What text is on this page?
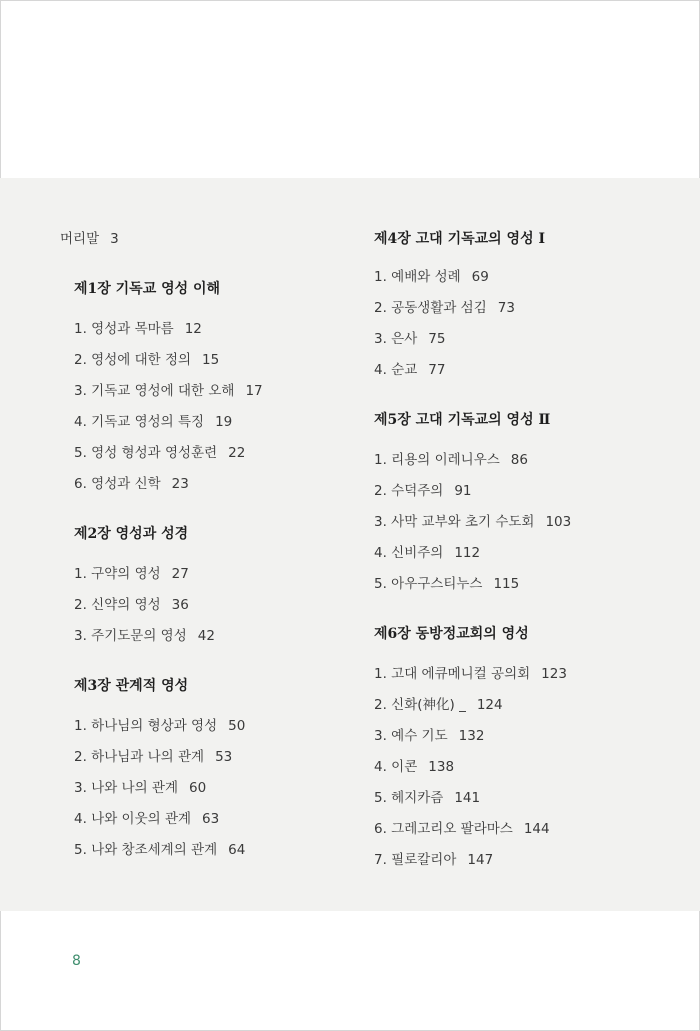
머리말 3
제1장 기독교 영성 이해
1. 영성과 목마름 12
2. 영성에 대한 정의 15
3. 기독교 영성에 대한 오해 17
4. 기독교 영성의 특징 19
5. 영성 형성과 영성훈련 22
6. 영성과 신학 23
제2장 영성과 성경
1. 구약의 영성 27
2. 신약의 영성 36
3. 주기도문의 영성 42
제3장 관계적 영성
1. 하나님의 형상과 영성 50
2. 하나님과 나의 관계 53
3. 나와 나의 관계 60
4. 나와 이웃의 관계 63
5. 나와 창조세계의 관계 64
제4장 고대 기독교의 영성 Ⅰ
1. 예배와 성례 69
2. 공동생활과 섬김 73
3. 은사 75
4. 순교 77
제5장 고대 기독교의 영성 Ⅱ
1. 리용의 이레니우스 86
2. 수덕주의 91
3. 사막 교부와 초기 수도회 103
4. 신비주의 112
5. 아우구스티누스 115
제6장 동방정교회의 영성
1. 고대 에큐메니컬 공의회 123
2. 신화(神化) _ 124
3. 예수 기도 132
4. 이콘 138
5. 헤지카즘 141
6. 그레고리오 팔라마스 144
7. 필로칼리아 147
8
